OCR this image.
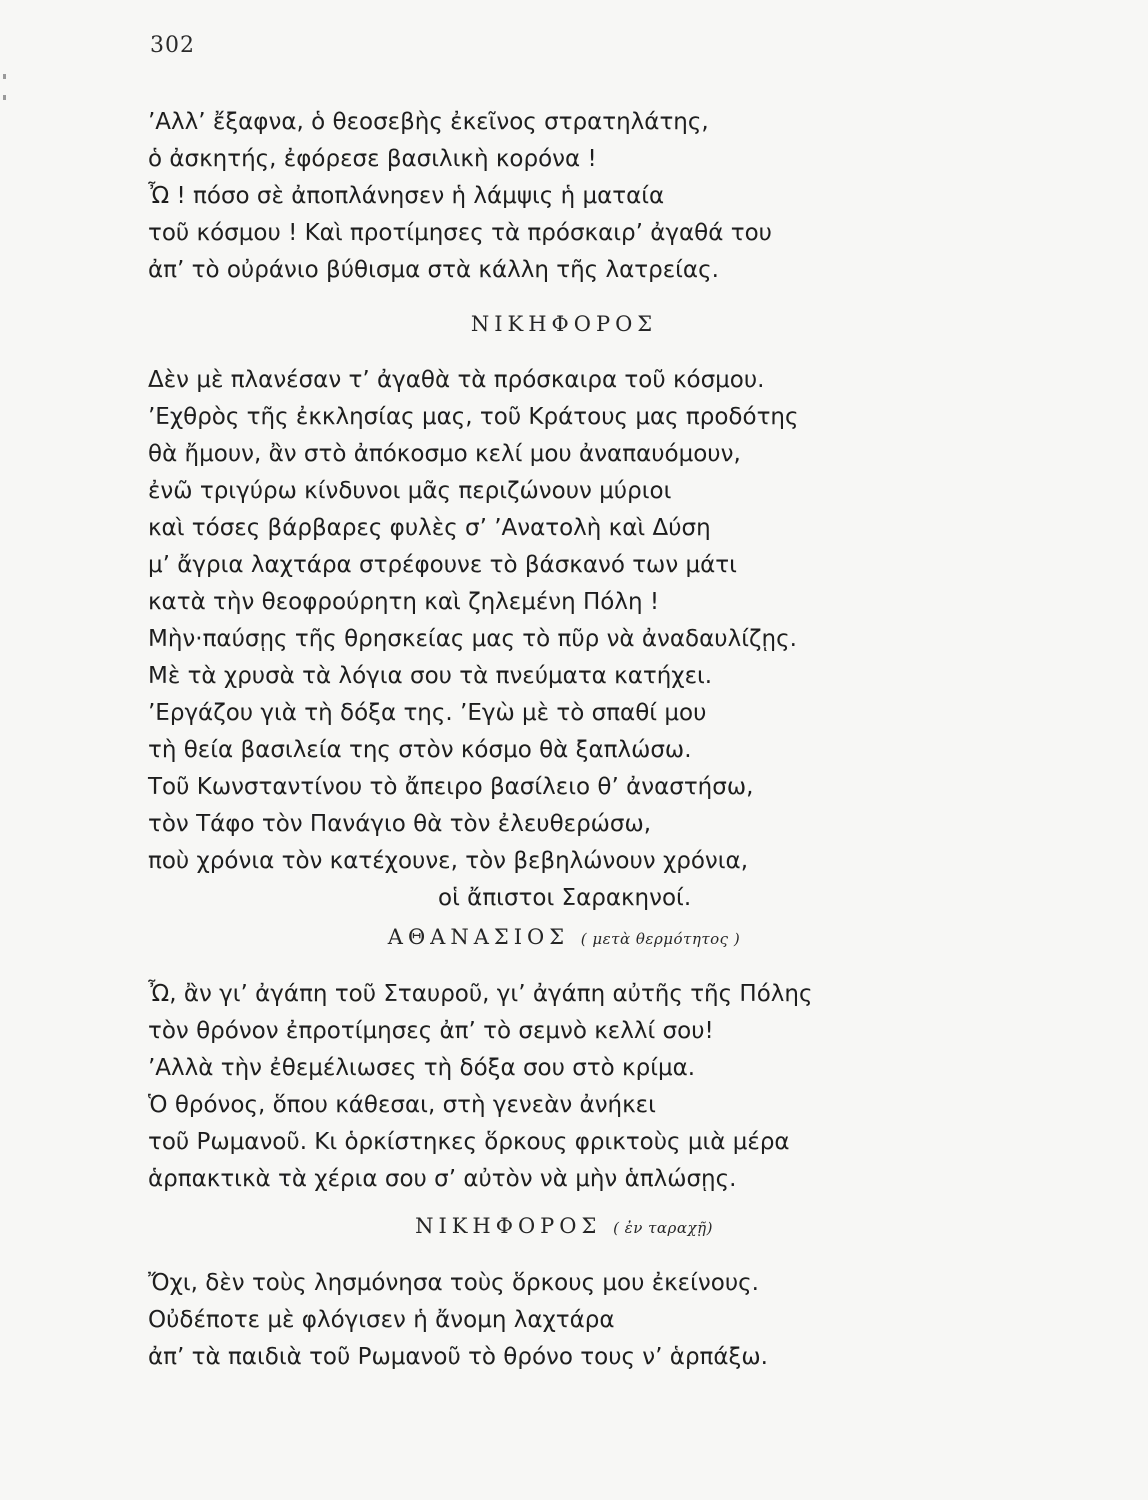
302
’Αλλ’ ἔξαφνα, ὁ θεοσεβὴς ἐκεῖνος στρατηλάτης,
ὁ ἀσκητής, ἐφόρεσε βασιλικὴ κορόνα !
Ὦ ! πόσο σὲ ἀποπλάνησεν ἡ λάμψις ἡ ματαία
τοῦ κόσμου ! Καὶ προτίμησες τὰ πρόσκαιρ’ ἀγαθά του
ἀπ’ τὸ οὐράνιο βύθισμα στὰ κάλλη τῆς λατρείας.
ΝΙΚΗΦΟΡΟΣ
Δὲν μὲ πλανέσαν τ’ ἀγαθὰ τὰ πρόσκαιρα τοῦ κόσμου.
’Εχθρὸς τῆς ἐκκλησίας μας, τοῦ Κράτους μας προδότης
θὰ ἤμουν, ἂν στὸ ἀπόκοσμο κελί μου ἀναπαυόμουν,
ἐνῶ τριγύρω κίνδυνοι μᾶς περιζώνουν μύριοι
καὶ τόσες βάρβαρες φυλὲς σ’ ’Ανατολὴ καὶ Δύση
μ’ ἄγρια λαχτάρα στρέφουνε τὸ βάσκανό των μάτι
κατὰ τὴν θεοφρούρητη καὶ ζηλεμένη Πόλη !
Μὴν·παύσῃς τῆς θρησκείας μας τὸ πῦρ νὰ ἀναδαυλίζῃς.
Μὲ τὰ χρυσὰ τὰ λόγια σου τὰ πνεύματα κατήχει.
’Εργάζου γιὰ τὴ δόξα της. ’Εγὼ μὲ τὸ σπαθί μου
τὴ θεία βασιλεία της στὸν κόσμο θὰ ξαπλώσω.
Τοῦ Κωνσταντίνου τὸ ἄπειρο βασίλειο θ’ ἀναστήσω,
τὸν Τάφο τὸν Πανάγιο θὰ τὸν ἐλευθερώσω,
ποὺ χρόνια τὸν κατέχουνε, τὸν βεβηλώνουν χρόνια,
οἱ ἄπιστοι Σαρακηνοί.
ΑΘΑΝΑΣΙΟΣ ( μετὰ θερμότητος )
Ὦ, ἂν γι’ ἀγάπη τοῦ Σταυροῦ, γι’ ἀγάπη αὐτῆς τῆς Πόλης
τὸν θρόνον ἐπροτίμησες ἀπ’ τὸ σεμνὸ κελλί σου!
’Αλλὰ τὴν ἐθεμέλιωσες τὴ δόξα σου στὸ κρίμα.
Ὁ θρόνος, ὅπου κάθεσαι, στὴ γενεὰν ἀνήκει
τοῦ Ρωμανοῦ. Κι ὁρκίστηκες ὅρκους φρικτοὺς μιὰ μέρα
ἁρπακτικὰ τὰ χέρια σου σ’ αὐτὸν νὰ μὴν ἁπλώσῃς.
ΝΙΚΗΦΟΡΟΣ ( ἐν ταραχῇ)
Ὄχι, δὲν τοὺς λησμόνησα τοὺς ὅρκους μου ἐκείνους.
Οὐδέποτε μὲ φλόγισεν ἡ ἄνομη λαχτάρα
ἀπ’ τὰ παιδιὰ τοῦ Ρωμανοῦ τὸ θρόνο τους ν’ ἁρπάξω.
